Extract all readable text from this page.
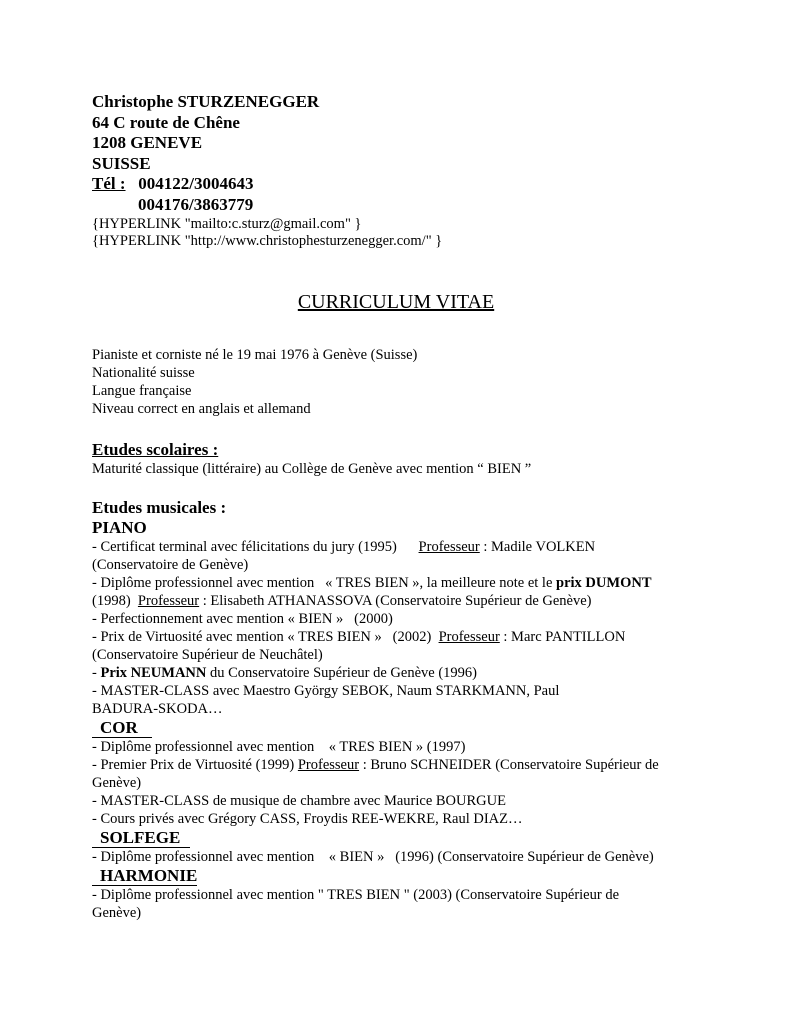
Christophe STURZENEGGER

64 C route de Chêne

1208 GENEVE

SUISSE

Tél : 004122/3004643

004176/3863779

{HYPERLINK "mailto:c.sturz@gmail.com" }

{HYPERLINK "http://www.christophesturzenegger.com/" }

CURRICULUM VITAE

Pianiste et corniste né le 19 mai 1976 à Genève (Suisse)

Nationalité suisse

Langue française

Niveau correct en anglais et allemand

Etudes scolaires :

Maturité classique (littéraire) au Collège de Genève avec mention “ BIEN ”

Etudes musicales :

PIANO

- Certificat terminal avec félicitations du jury (1995) Professeur : Madile VOLKEN

(Conservatoire de Genève)

- Diplôme professionnel avec mention   « TRES BIEN », la meilleure note et le prix DUMONT

(1998)  Professeur : Elisabeth ATHANASSOVA (Conservatoire Supérieur de Genève)

- Perfectionnement avec mention « BIEN »   (2000)

- Prix de Virtuosité avec mention « TRES BIEN »   (2002)  Professeur : Marc PANTILLON

(Conservatoire Supérieur de Neuchâtel)

- Prix NEUMANN du Conservatoire Supérieur de Genève (1996)

- MASTER-CLASS avec Maestro György SEBOK, Naum STARKMANN, Paul

BADURA-SKODA…

COR

- Diplôme professionnel avec mention    « TRES BIEN » (1997)

- Premier Prix de Virtuosité (1999) Professeur : Bruno SCHNEIDER (Conservatoire Supérieur de

Genève)

- MASTER-CLASS de musique de chambre avec Maurice BOURGUE

- Cours privés avec Grégory CASS, Froydis REE-WEKRE, Raul DIAZ…

SOLFEGE

- Diplôme professionnel avec mention    « BIEN »   (1996) (Conservatoire Supérieur de Genève)

HARMONIE

- Diplôme professionnel avec mention " TRES BIEN " (2003) (Conservatoire Supérieur de

Genève)
